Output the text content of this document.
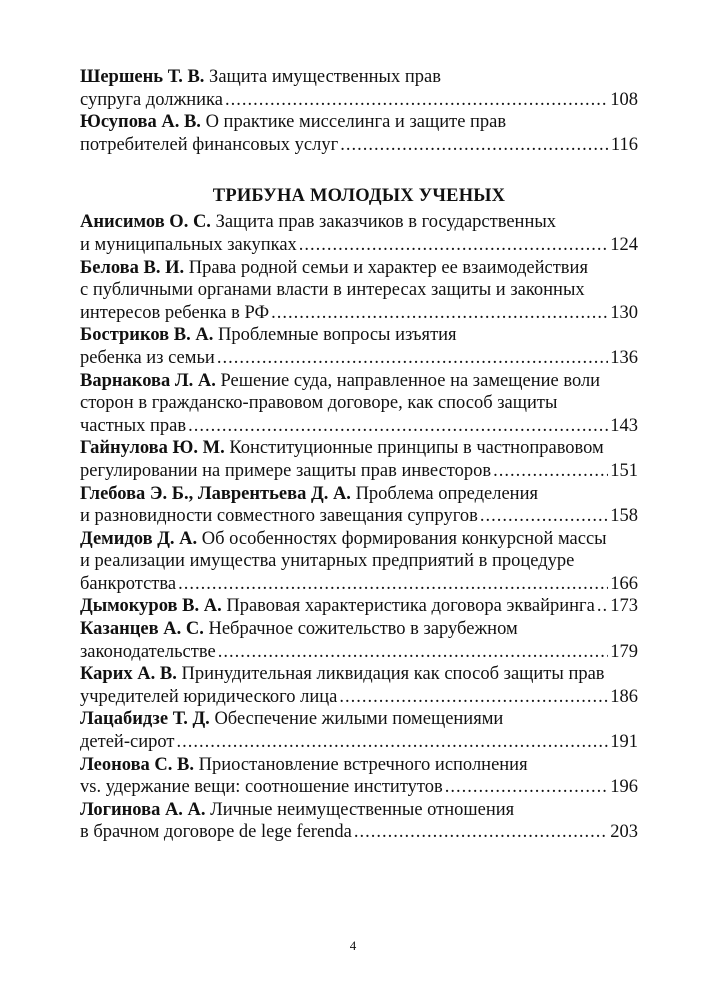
Шершень Т. В. Защита имущественных прав
супруга должника .....	108
Юсупова А. В. О практике мисселинга и защите прав
потребителей финансовых услуг .....	116
ТРИБУНА МОЛОДЫХ УЧЕНЫХ
Анисимов О. С. Защита прав заказчиков в государственных
и муниципальных закупках .....	124
Белова В. И. Права родной семьи и характер ее взаимодействия
с публичными органами власти в интересах защиты и законных
интересов ребенка в РФ .....	130
Бостриков В. А. Проблемные вопросы изъятия
ребенка из семьи .....	136
Варнакова Л. А. Решение суда, направленное на замещение воли
сторон в гражданско-правовом договоре, как способ защиты
частных прав .....	143
Гайнулова Ю. М. Конституционные принципы в частноправовом
регулировании на примере защиты прав инвесторов .....	151
Глебова Э. Б., Лаврентьева Д. А. Проблема определения
и разновидности совместного завещания супругов .....	158
Демидов Д. А. Об особенностях формирования конкурсной массы
и реализации имущества унитарных предприятий в процедуре
банкротства .....	166
Дымокуров В. А. Правовая характеристика договора эквайринга ..... 173
Казанцев А. С. Небрачное сожительство в зарубежном
законодательстве .....	179
Карих А. В. Принудительная ликвидация как способ защиты прав
учредителей юридического лица .....	186
Лацабидзе Т. Д. Обеспечение жилыми помещениями
детей-сирот .....	191
Леонова С. В. Приостановление встречного исполнения
vs. удержание вещи: соотношение институтов .....	196
Логинова А. А. Личные неимущественные отношения
в брачном договоре de lege ferenda .....	203
4
